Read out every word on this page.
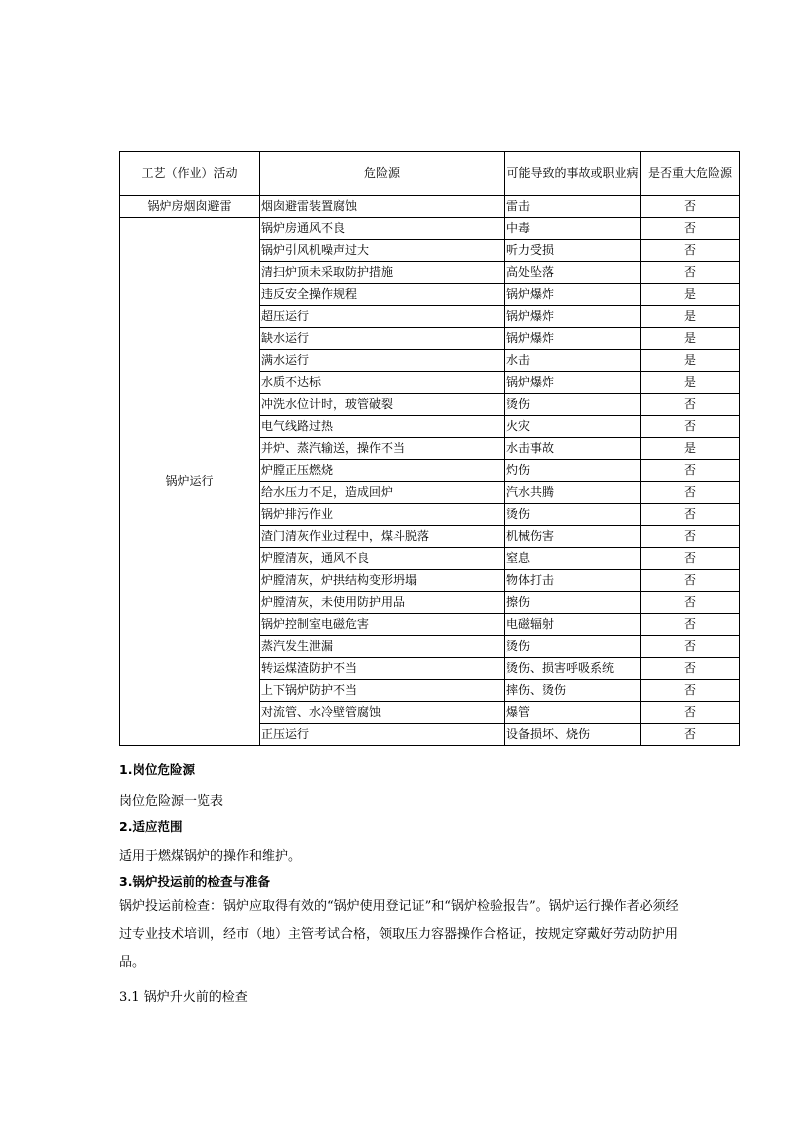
工艺（作业）活动	危险源	可能导致的事故或职业病	是否重大危险源
锅炉房烟囱避雷	烟囱避雷装置腐蚀	雷击	否
锅炉运行	锅炉房通风不良	中毒	否
	锅炉引风机噪声过大	听力受损	否
	清扫炉顶未采取防护措施	高处坠落	否
	违反安全操作规程	锅炉爆炸	是
	超压运行	锅炉爆炸	是
	缺水运行	锅炉爆炸	是
	满水运行	水击	是
	水质不达标	锅炉爆炸	是
	冲洗水位计时，玻管破裂	烫伤	否
	电气线路过热	火灾	否
	并炉、蒸汽输送，操作不当	水击事故	是
	炉膛正压燃烧	灼伤	否
	给水压力不足，造成回炉	汽水共腾	否
	锅炉排污作业	烫伤	否
	渣门清灰作业过程中，煤斗脱落	机械伤害	否
	炉膛清灰，通风不良	窒息	否
	炉膛清灰，炉拱结构变形坍塌	物体打击	否
	炉膛清灰，未使用防护用品	擦伤	否
	锅炉控制室电磁危害	电磁辐射	否
	蒸汽发生泄漏	烫伤	否
	转运煤渣防护不当	烫伤、损害呼吸系统	否
	上下锅炉防护不当	摔伤、烫伤	否
	对流管、水冷壁管腐蚀	爆管	否
	正压运行	设备损坏、烧伤	否
1.岗位危险源
岗位危险源一览表
2.适应范围
适用于燃煤锅炉的操作和维护。
3.锅炉投运前的检查与准备
锅炉投运前检查：锅炉应取得有效的“锅炉使用登记证”和“锅炉检验报告”。锅炉运行操作者必须经过专业技术培训，经市（地）主管考试合格，领取压力容器操作合格证，按规定穿戴好劳动防护用品。
3.1 锅炉升火前的检查
